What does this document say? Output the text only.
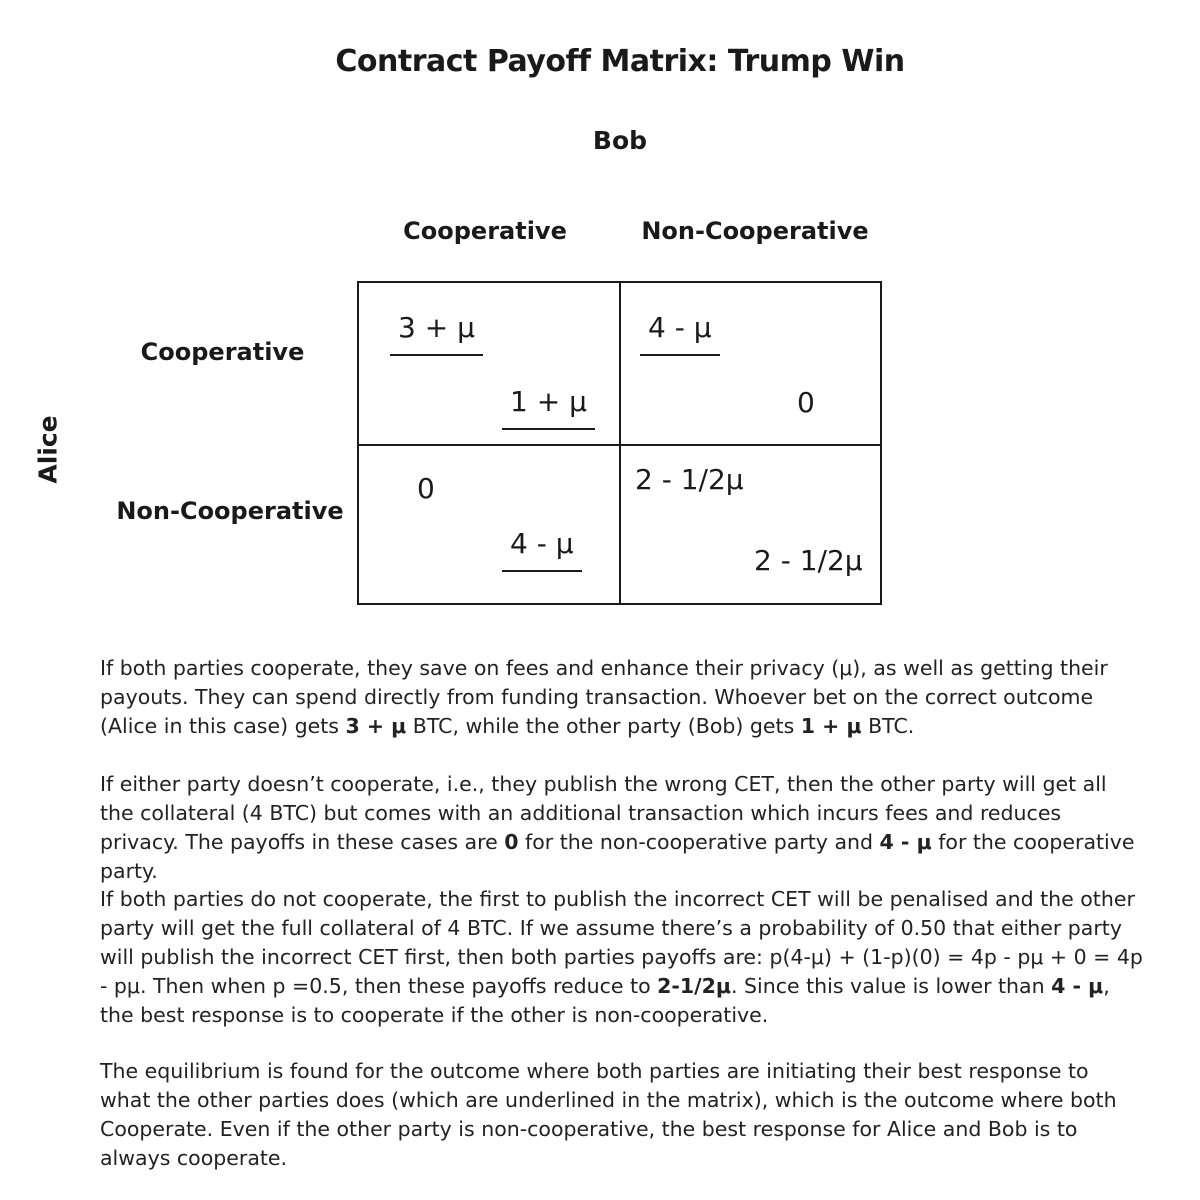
Contract Payoff Matrix: Trump Win
Bob
Cooperative	Non-Cooperative
Alice
Cooperative
Non-Cooperative
3 + μ
1 + μ
4 - μ
0
0
4 - μ
2 - 1/2μ
2 - 1/2μ

If both parties cooperate, they save on fees and enhance their privacy (μ), as well as getting their payouts. They can spend directly from funding transaction. Whoever bet on the correct outcome (Alice in this case) gets 3 + μ BTC, while the other party (Bob) gets 1 + μ BTC.

If either party doesn’t cooperate, i.e., they publish the wrong CET, then the other party will get all the collateral (4 BTC) but comes with an additional transaction which incurs fees and reduces privacy. The payoffs in these cases are 0 for the non-cooperative party and 4 - μ for the cooperative party.

If both parties do not cooperate, the first to publish the incorrect CET will be penalised and the other party will get the full collateral of 4 BTC. If we assume there’s a probability of 0.50 that either party will publish the incorrect CET first, then both parties payoffs are: p(4-μ) + (1-p)(0) = 4p - pμ + 0 = 4p - pμ. Then when p =0.5, then these payoffs reduce to 2-1/2μ. Since this value is lower than 4 - μ, the best response is to cooperate if the other is non-cooperative.

The equilibrium is found for the outcome where both parties are initiating their best response to what the other parties does (which are underlined in the matrix), which is the outcome where both Cooperate. Even if the other party is non-cooperative, the best response for Alice and Bob is to always cooperate.
